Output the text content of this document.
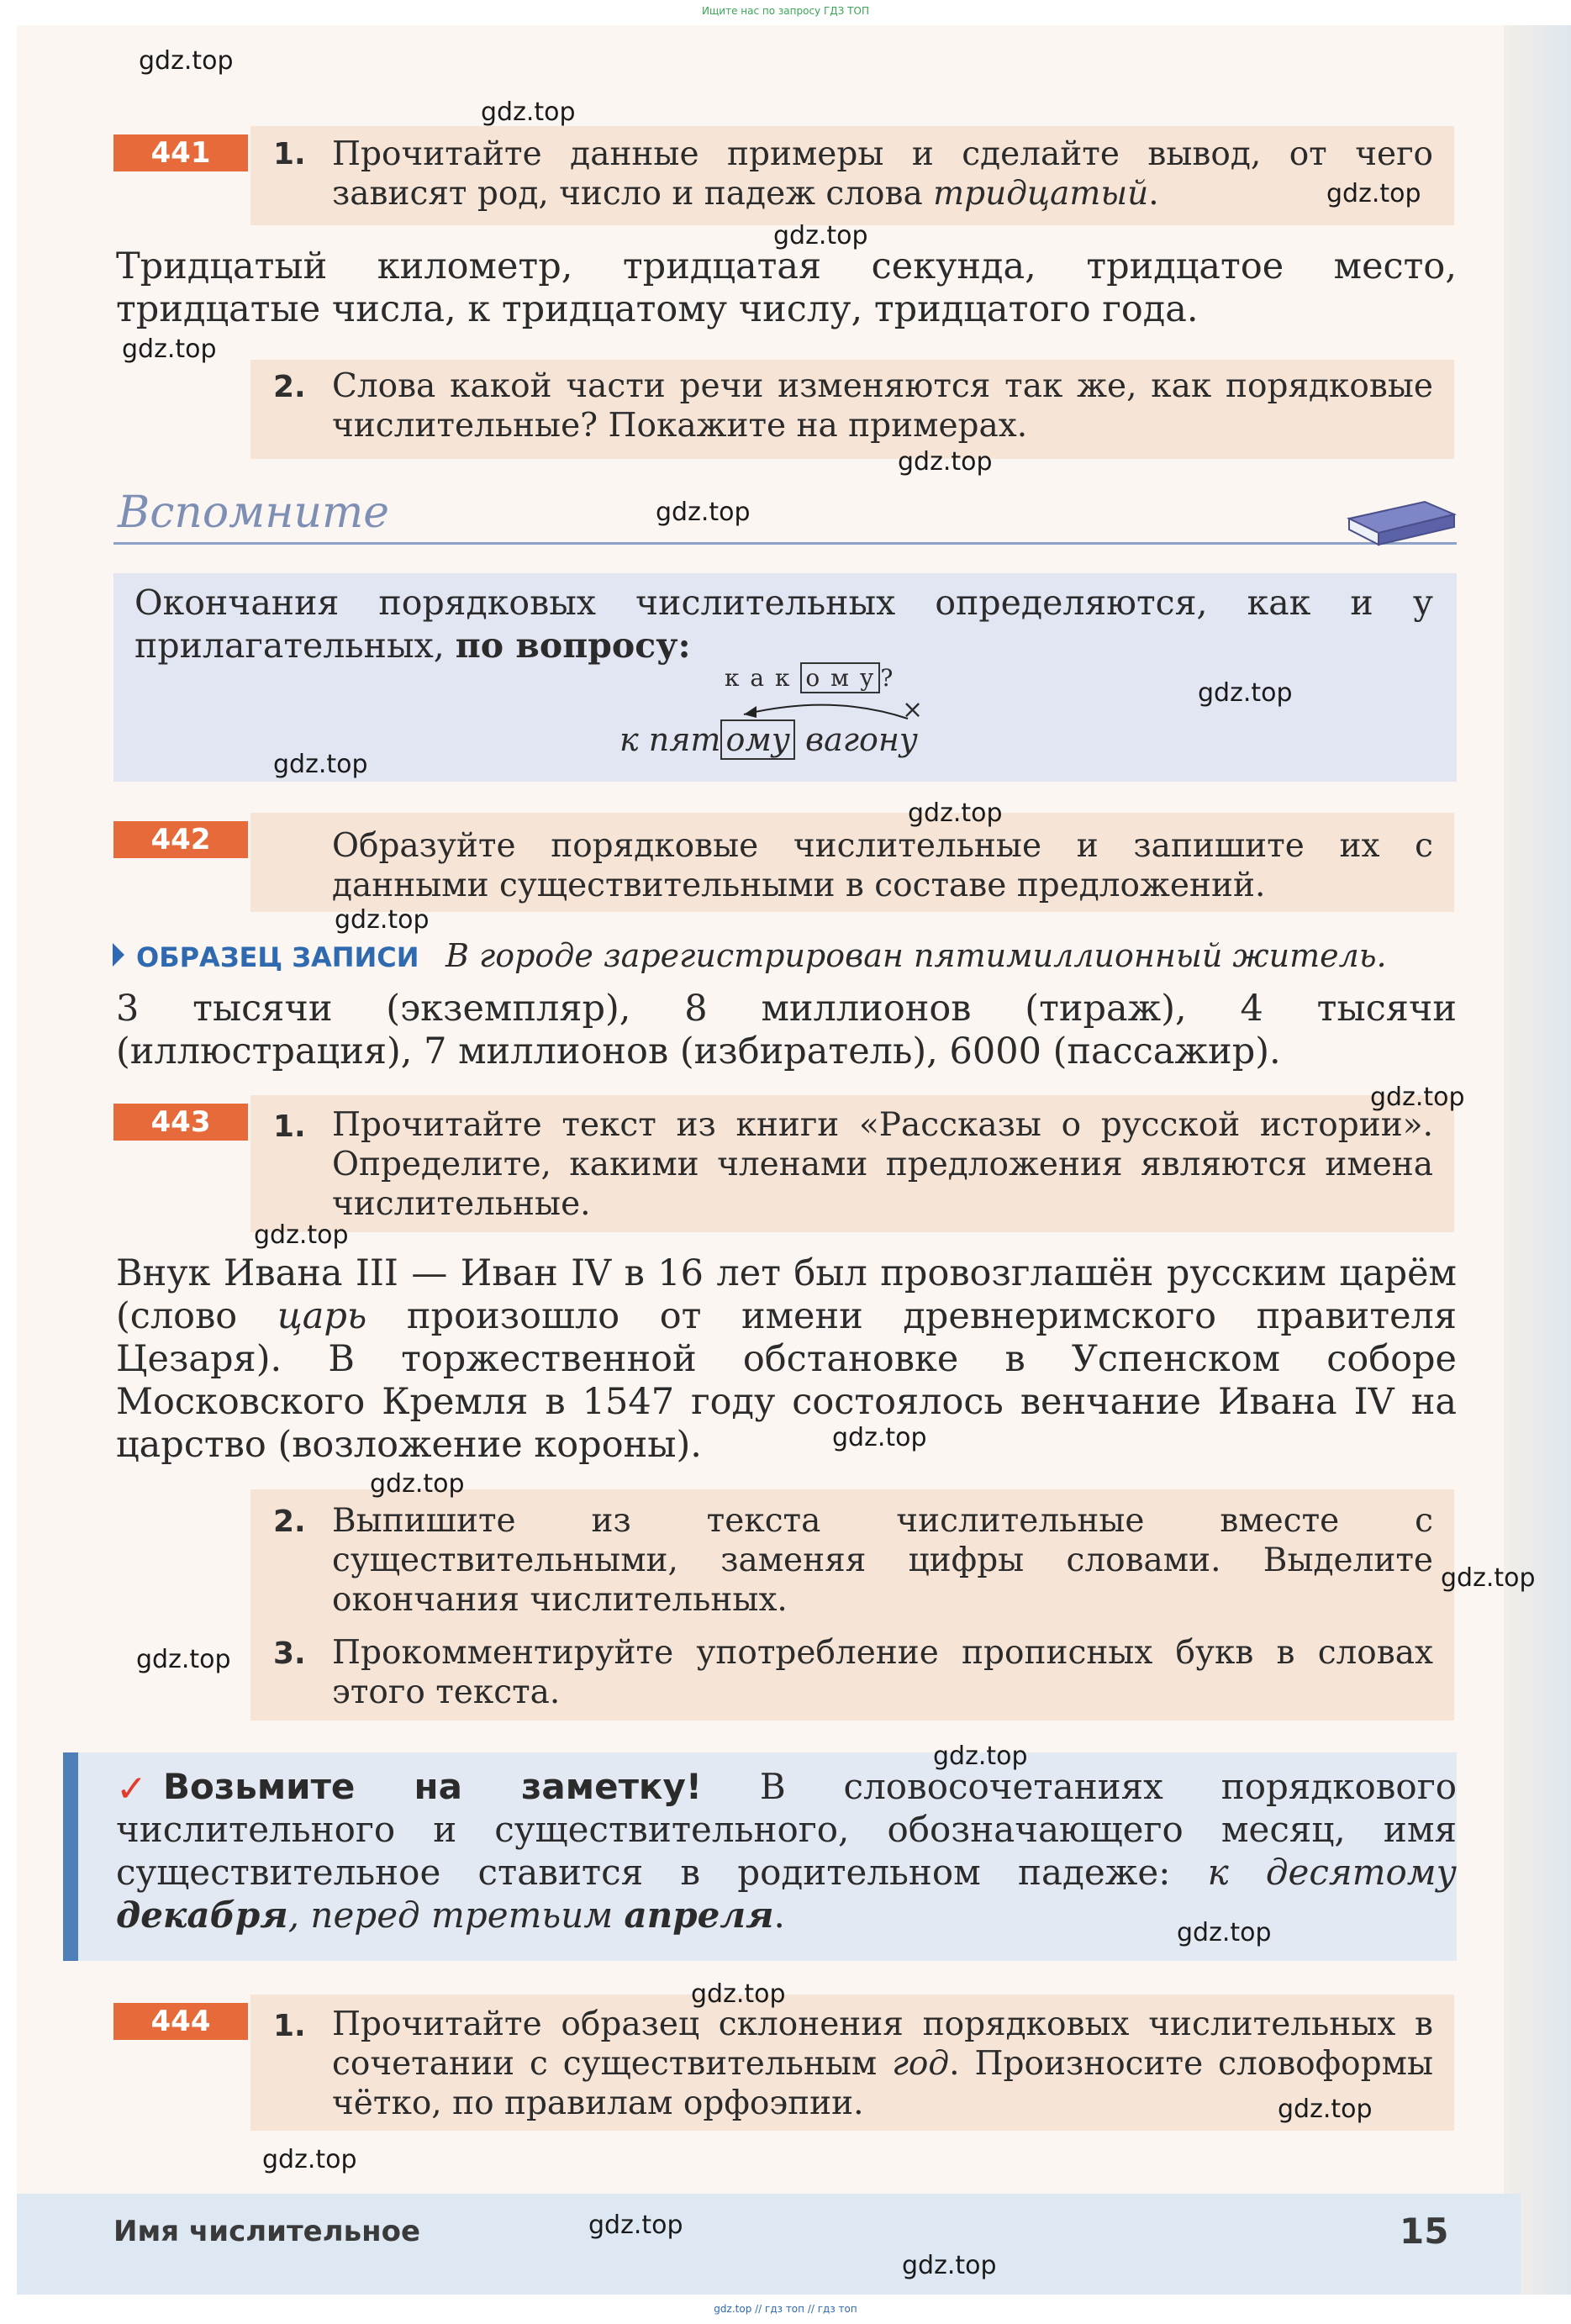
Ищите нас по запросу ГДЗ ТОП
441	1. Прочитайте данные примеры и сделайте вывод, от чего зависят род, число и падеж слова тридцатый.
Тридцатый километр, тридцатая секунда, тридцатое место, тридцатые числа, к тридцатому числу, тридцатого года.
2. Слова какой части речи изменяются так же, как порядковые числительные? Покажите на примерах.
Вспомните
Окончания порядковых числительных определяются, как и у прилагательных, по вопросу:
к а к о м у ?
×
к пят ому вагону
442	Образуйте порядковые числительные и запишите их с данными существительными в составе предложений.
ОБРАЗЕЦ ЗАПИСИ В городе зарегистрирован пятимиллионный житель.
3 тысячи (экземпляр), 8 миллионов (тираж), 4 тысячи (иллюстрация), 7 миллионов (избиратель), 6000 (пассажир).
443	1. Прочитайте текст из книги «Рассказы о русской истории». Определите, какими членами предложения являются имена числительные.
Внук Ивана III — Иван IV в 16 лет был провозглашён русским царём (слово царь произошло от имени древнеримского правителя Цезаря). В торжественной обстановке в Успенском соборе Московского Кремля в 1547 году состоялось венчание Ивана IV на царство (возложение короны).
2. Выпишите из текста числительные вместе с существительными, заменяя цифры словами. Выделите окончания числительных.
3. Прокомментируйте употребление прописных букв в словах этого текста.
✓ Возьмите на заметку! В словосочетаниях порядкового числительного и существительного, обозначающего месяц, имя существительное ставится в родительном падеже: к десятому декабря, перед третьим апреля.
444	1. Прочитайте образец склонения порядковых числительных в сочетании с существительным год. Произносите словоформы чётко, по правилам орфоэпии.
Имя числительное	15
gdz.top
gdz.top
gdz.top
gdz.top
gdz.top
gdz.top
gdz.top
gdz.top
gdz.top
gdz.top
gdz.top
gdz.top
gdz.top
gdz.top
gdz.top
gdz.top
gdz.top
gdz.top
gdz.top
gdz.top
gdz.top
gdz.top
gdz.top
gdz.top
gdz.top // гдз топ // гдз топ
